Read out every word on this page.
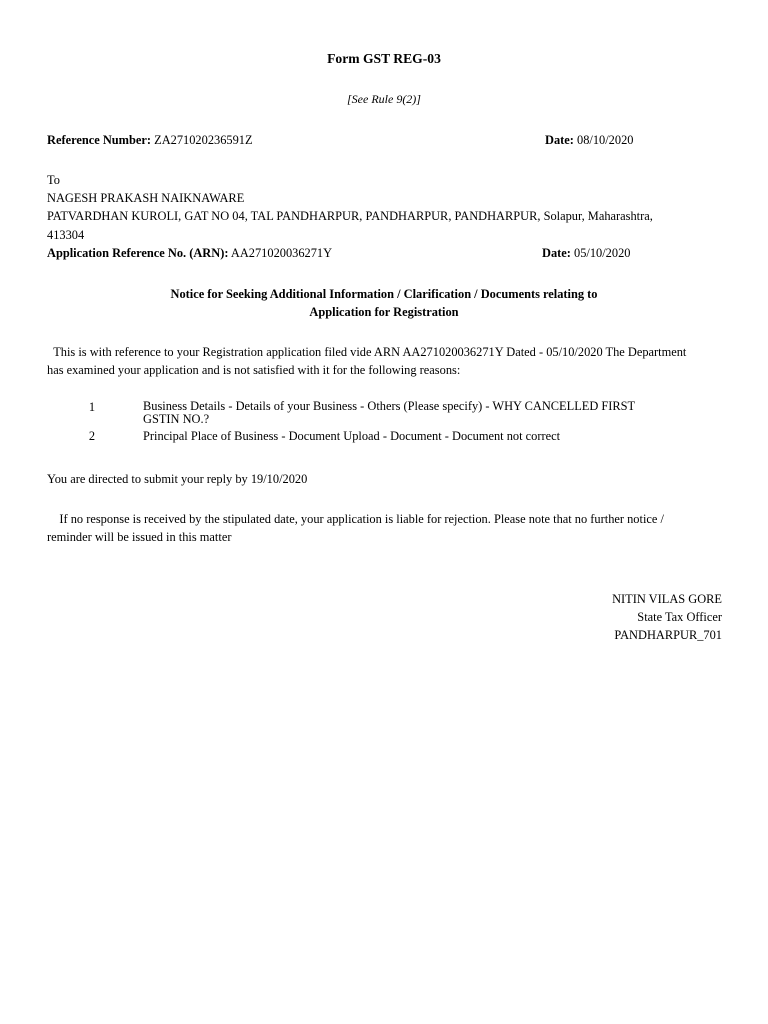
Form GST REG-03
[See Rule 9(2)]
Reference Number: ZA271020236591Z	Date: 08/10/2020
To
NAGESH PRAKASH NAIKNAWARE
PATVARDHAN KUROLI, GAT NO 04, TAL PANDHARPUR, PANDHARPUR, PANDHARPUR, Solapur, Maharashtra,
413304
Application Reference No. (ARN): AA271020036271Y	Date: 05/10/2020
Notice for Seeking Additional Information / Clarification / Documents relating to
Application for Registration
This is with reference to your Registration application filed vide ARN AA271020036271Y Dated - 05/10/2020 The Department
has examined your application and is not satisfied with it for the following reasons:
1	Business Details - Details of your Business - Others (Please specify) - WHY CANCELLED FIRST
GSTIN NO.?
2	Principal Place of Business - Document Upload - Document - Document not correct
You are directed to submit your reply by 19/10/2020
If no response is received by the stipulated date, your application is liable for rejection. Please note that no further notice /
reminder will be issued in this matter
NITIN VILAS GORE
State Tax Officer
PANDHARPUR_701
